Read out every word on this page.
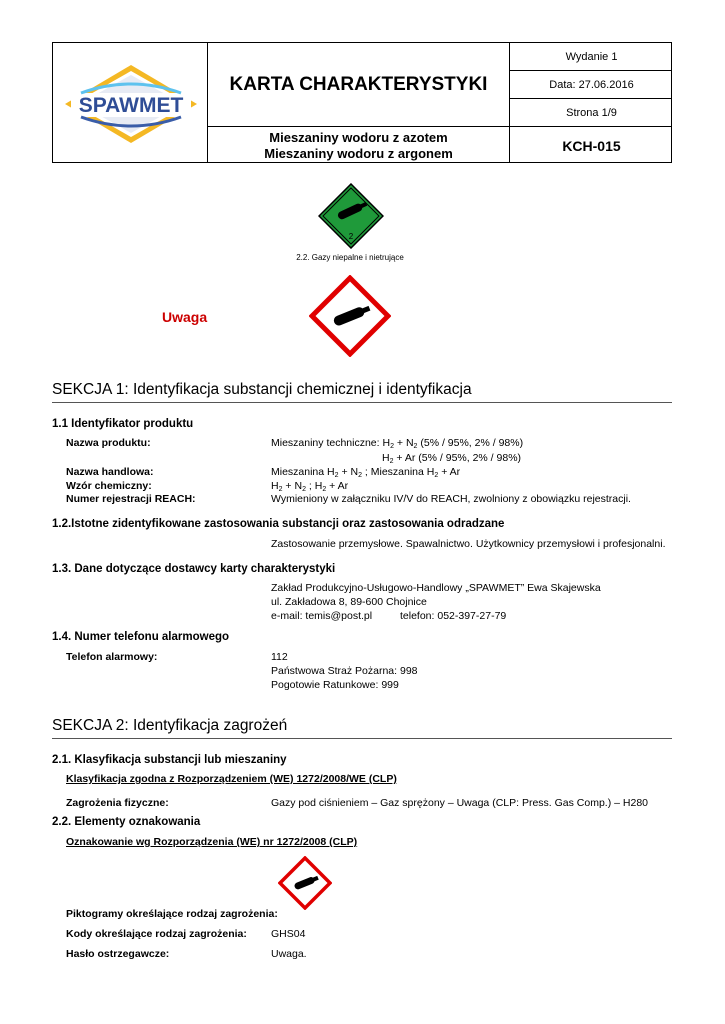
SPAWMET
KARTA CHARAKTERYSTYKI
Wydanie 1
Data: 27.06.2016
Strona 1/9
Mieszaniny wodoru z azotem
Mieszaniny wodoru z argonem	KCH-015
2
2.2. Gazy niepalne i nietrujące
Uwaga
SEKCJA 1: Identyfikacja substancji chemicznej i identyfikacja
1.1 Identyfikator produktu
Nazwa produktu:	Mieszaniny techniczne: $H_2 + N_2$ (5% / 95%, 2% / 98%)
$H_2 + Ar$ (5% / 95%, 2% / 98%)
Nazwa handlowa:	Mieszanina $H_2 + N_2$ ; Mieszanina $H_2 + Ar$
Wzór chemiczny:	$H_2 + N_2$ ; $H_2 + Ar$
Numer rejestracji REACH:	Wymieniony w załączniku IV/V do REACH, zwolniony z obowiązku rejestracji.
1.2.Istotne zidentyfikowane zastosowania substancji oraz zastosowania odradzane
Zastosowanie przemysłowe. Spawalnictwo. Użytkownicy przemysłowi i profesjonalni.
1.3. Dane dotyczące dostawcy karty charakterystyki
Zakład Produkcyjno-Usługowo-Handlowy „SPAWMET” Ewa Skajewska
ul. Zakładowa 8, 89-600 Chojnice
e-mail: temis@post.pl	telefon: 052-397-27-79
1.4. Numer telefonu alarmowego
Telefon alarmowy:	112
Państwowa Straż Pożarna: 998
Pogotowie Ratunkowe: 999
SEKCJA 2: Identyfikacja zagrożeń
2.1. Klasyfikacja substancji lub mieszaniny
Klasyfikacja zgodna z Rozporządzeniem (WE) 1272/2008/WE (CLP)
Zagrożenia fizyczne:	Gazy pod ciśnieniem – Gaz sprężony – Uwaga (CLP: Press. Gas Comp.) – H280
2.2. Elementy oznakowania
Oznakowanie wg Rozporządzenia (WE) nr 1272/2008 (CLP)
Piktogramy określające rodzaj zagrożenia:
Kody określające rodzaj zagrożenia: GHS04
Hasło ostrzegawcze:	Uwaga.
